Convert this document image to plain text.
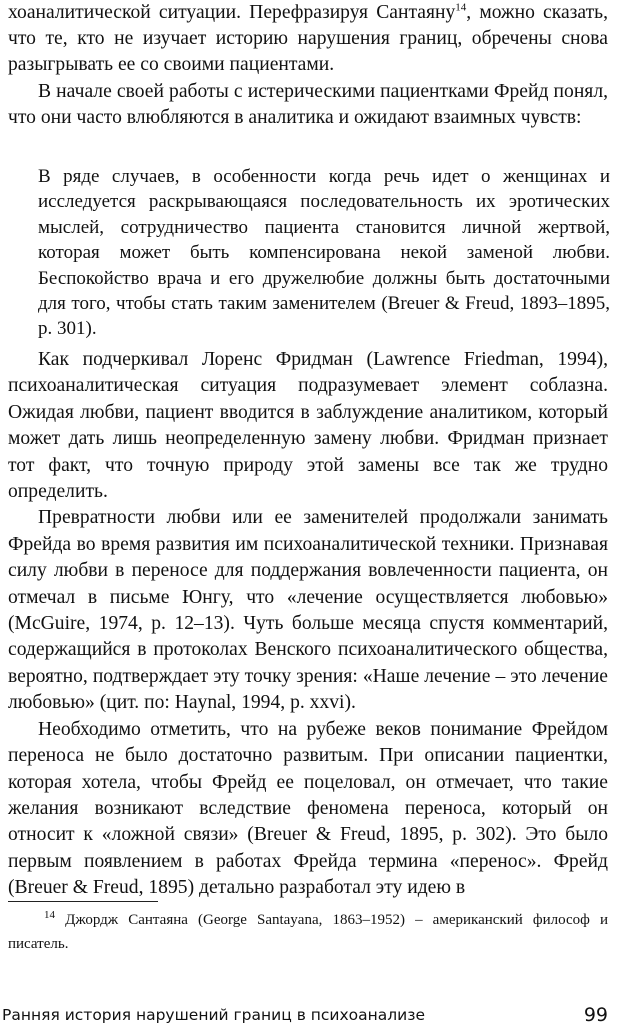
хоаналитической ситуации. Перефразируя Сантаяну$^{14}$, можно сказать, что те, кто не изучает историю нарушения границ, обречены снова разыгрывать ее со своими пациентами.

В начале своей работы с истерическими пациентками Фрейд понял, что они часто влюбляются в аналитика и ожидают взаимных чувств:

В ряде случаев, в особенности когда речь идет о женщинах и исследуется раскрывающаяся последовательность их эротических мыслей, сотрудничество пациента становится личной жертвой, которая может быть компенсирована некой заменой любви. Беспокойство врача и его дружелюбие должны быть достаточными для того, чтобы стать таким заменителем (Breuer & Freud, 1893–1895, p. 301).

Как подчеркивал Лоренс Фридман (Lawrence Friedman, 1994), психоаналитическая ситуация подразумевает элемент соблазна. Ожидая любви, пациент вводится в заблуждение аналитиком, который может дать лишь неопределенную замену любви. Фридман признает тот факт, что точную природу этой замены все так же трудно определить.

Превратности любви или ее заменителей продолжали занимать Фрейда во время развития им психоаналитической техники. Признавая силу любви в переносе для поддержания вовлеченности пациента, он отмечал в письме Юнгу, что «лечение осуществляется любовью» (McGuire, 1974, p. 12–13). Чуть больше месяца спустя комментарий, содержащийся в протоколах Венского психоаналитического общества, вероятно, подтверждает эту точку зрения: «Наше лечение – это лечение любовью» (цит. по: Haynal, 1994, p. xxvi).

Необходимо отметить, что на рубеже веков понимание Фрейдом переноса не было достаточно развитым. При описании пациентки, которая хотела, чтобы Фрейд ее поцеловал, он отмечает, что такие желания возникают вследствие феномена переноса, который он относит к «ложной связи» (Breuer & Freud, 1895, p. 302). Это было первым появлением в работах Фрейда термина «перенос». Фрейд (Breuer & Freud, 1895) детально разработал эту идею в

$^{14}$ Джордж Сантаяна (George Santayana, 1863–1952) – американский философ и писатель.
Ранняя история нарушений границ в психоанализе	99
